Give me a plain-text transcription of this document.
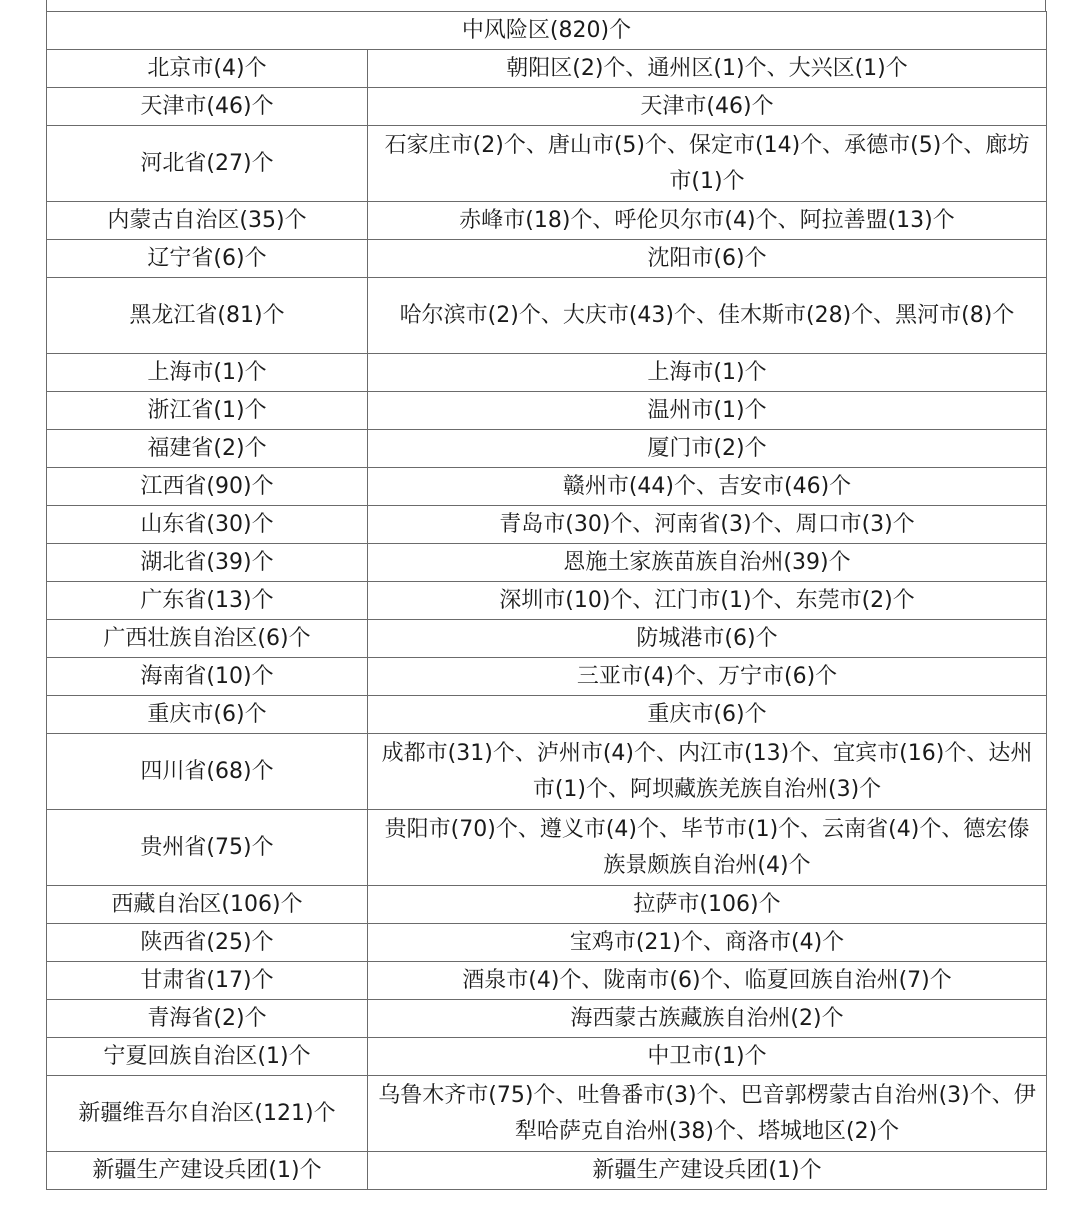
中风险区(820)个	
北京市(4)个	朝阳区(2)个、通州区(1)个、大兴区(1)个
天津市(46)个	天津市(46)个
河北省(27)个	石家庄市(2)个、唐山市(5)个、保定市(14)个、承德市(5)个、廊坊市(1)个
内蒙古自治区(35)个	赤峰市(18)个、呼伦贝尔市(4)个、阿拉善盟(13)个
辽宁省(6)个	沈阳市(6)个
黑龙江省(81)个	哈尔滨市(2)个、大庆市(43)个、佳木斯市(28)个、黑河市(8)个
上海市(1)个	上海市(1)个
浙江省(1)个	温州市(1)个
福建省(2)个	厦门市(2)个
江西省(90)个	赣州市(44)个、吉安市(46)个
山东省(30)个	青岛市(30)个、河南省(3)个、周口市(3)个
湖北省(39)个	恩施土家族苗族自治州(39)个
广东省(13)个	深圳市(10)个、江门市(1)个、东莞市(2)个
广西壮族自治区(6)个	防城港市(6)个
海南省(10)个	三亚市(4)个、万宁市(6)个
重庆市(6)个	重庆市(6)个
四川省(68)个	成都市(31)个、泸州市(4)个、内江市(13)个、宜宾市(16)个、达州市(1)个、阿坝藏族羌族自治州(3)个
贵州省(75)个	贵阳市(70)个、遵义市(4)个、毕节市(1)个、云南省(4)个、德宏傣族景颇族自治州(4)个
西藏自治区(106)个	拉萨市(106)个
陕西省(25)个	宝鸡市(21)个、商洛市(4)个
甘肃省(17)个	酒泉市(4)个、陇南市(6)个、临夏回族自治州(7)个
青海省(2)个	海西蒙古族藏族自治州(2)个
宁夏回族自治区(1)个	中卫市(1)个
新疆维吾尔自治区(121)个	乌鲁木齐市(75)个、吐鲁番市(3)个、巴音郭楞蒙古自治州(3)个、伊犁哈萨克自治州(38)个、塔城地区(2)个
新疆生产建设兵团(1)个	新疆生产建设兵团(1)个
